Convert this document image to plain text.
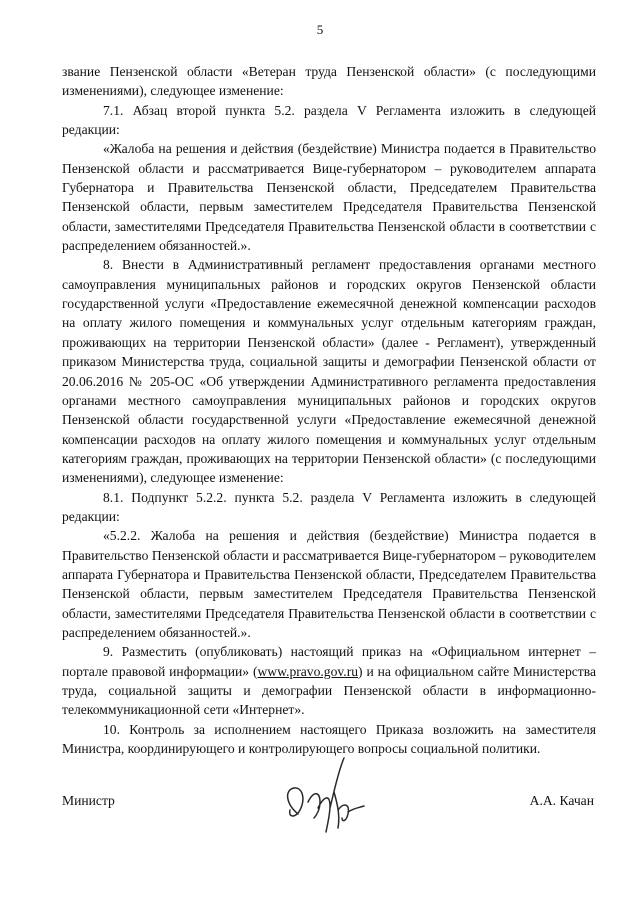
5

звание Пензенской области «Ветеран труда Пензенской области» (с последующими изменениями), следующее изменение:

7.1. Абзац второй пункта 5.2. раздела V Регламента изложить в следующей редакции:

«Жалоба на решения и действия (бездействие) Министра подается в Правительство Пензенской области и рассматривается Вице-губернатором – руководителем аппарата Губернатора и Правительства Пензенской области, Председателем Правительства Пензенской области, первым заместителем Председателя Правительства Пензенской области, заместителями Председателя Правительства Пензенской области в соответствии с распределением обязанностей.».

8. Внести в Административный регламент предоставления органами местного самоуправления муниципальных районов и городских округов Пензенской области государственной услуги «Предоставление ежемесячной денежной компенсации расходов на оплату жилого помещения и коммунальных услуг отдельным категориям граждан, проживающих на территории Пензенской области» (далее - Регламент), утвержденный приказом Министерства труда, социальной защиты и демографии Пензенской области от 20.06.2016 № 205-ОС «Об утверждении Административного регламента предоставления органами местного самоуправления муниципальных районов и городских округов Пензенской области государственной услуги «Предоставление ежемесячной денежной компенсации расходов на оплату жилого помещения и коммунальных услуг отдельным категориям граждан, проживающих на территории Пензенской области» (с последующими изменениями), следующее изменение:

8.1. Подпункт 5.2.2. пункта 5.2. раздела V Регламента изложить в следующей редакции:

«5.2.2. Жалоба на решения и действия (бездействие) Министра подается в Правительство Пензенской области и рассматривается Вице-губернатором – руководителем аппарата Губернатора и Правительства Пензенской области, Председателем Правительства Пензенской области, первым заместителем Председателя Правительства Пензенской области, заместителями Председателя Правительства Пензенской области в соответствии с распределением обязанностей.».

9. Разместить (опубликовать) настоящий приказ на «Официальном интернет – портале правовой информации» (www.pravo.gov.ru) и на официальном сайте Министерства труда, социальной защиты и демографии Пензенской области в информационно-телекоммуникационной сети «Интернет».

10. Контроль за исполнением настоящего Приказа возложить на заместителя Министра, координирующего и контролирующего вопросы социальной политики.

Министр	А.А. Качан
